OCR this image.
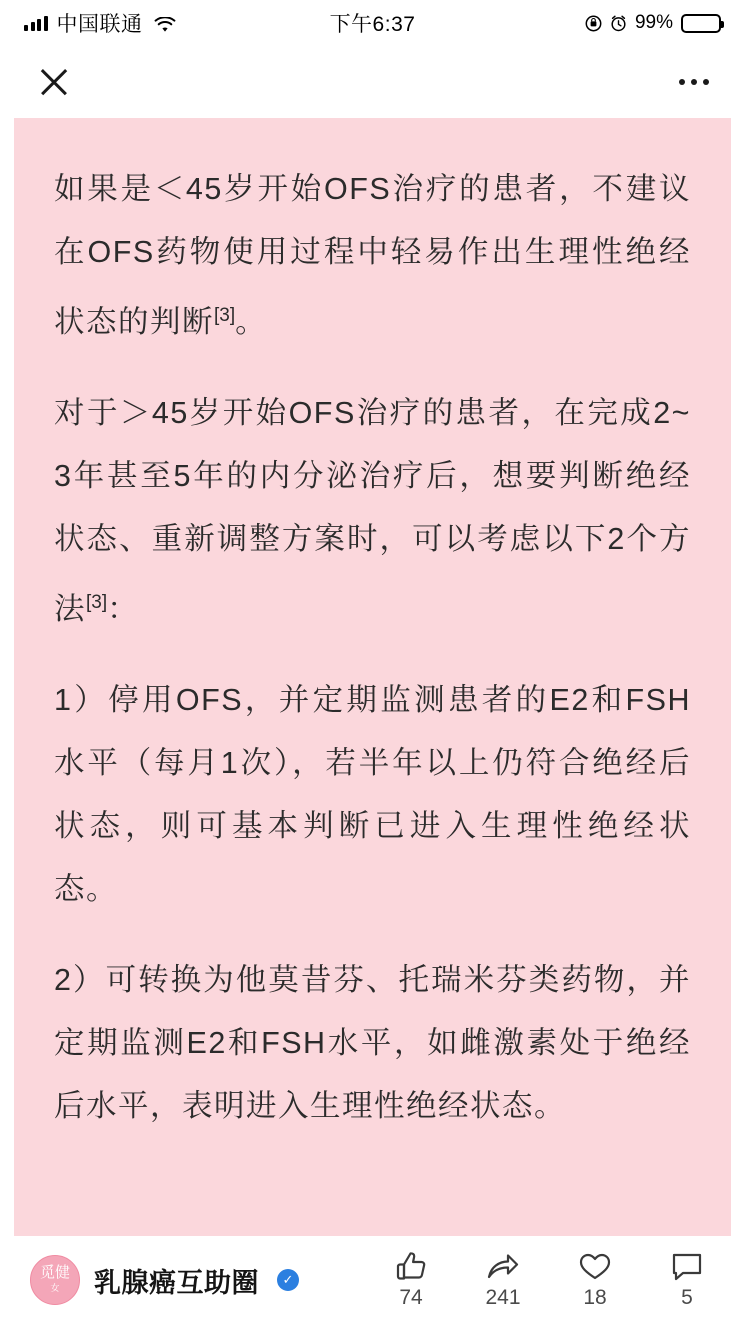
中国联通	下午6:37	99%

如果是＜45岁开始OFS治疗的患者，不建议在OFS药物使用过程中轻易作出生理性绝经状态的判断[3]。

对于＞45岁开始OFS治疗的患者，在完成2~3年甚至5年的内分泌治疗后，想要判断绝经状态、重新调整方案时，可以考虑以下2个方法[3]：

1）停用OFS，并定期监测患者的E2和FSH水平（每月1次），若半年以上仍符合绝经后状态，则可基本判断已进入生理性绝经状态。

2）可转换为他莫昔芬、托瑞米芬类药物，并定期监测E2和FSH水平，如雌激素处于绝经后水平，表明进入生理性绝经状态。

觅健
女 乳腺癌互助圈	✓
74	241	18	5
